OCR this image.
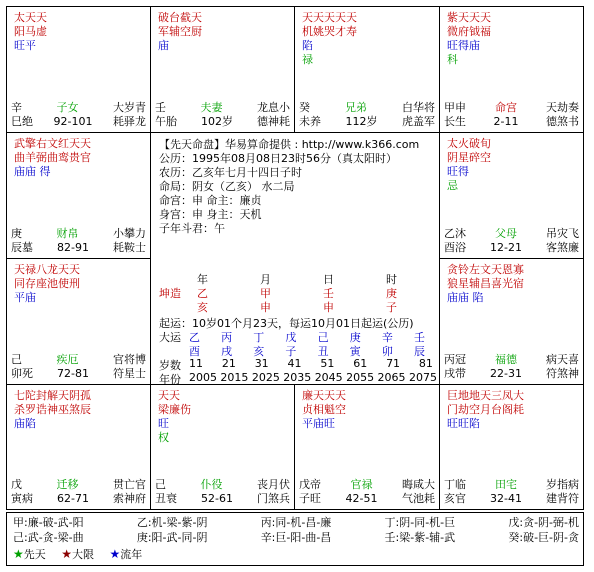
太天天
阳马虚
旺平
辛	子女	大岁青
巳绝 92-101 耗驿龙
破台截天
军辅空厨
庙
壬	夫妻	龙息小
午胎 102岁 德神耗
天天天天天
机姚哭才寿
陷
禄
癸	兄弟	白华将
未养 112岁 虎盖军
紫天天天
微府钺福
旺得庙
科
甲申	命宫	天劫奏
长生	2-11	德煞书
武擎右文红天天
曲羊弼曲鸾贵官
庙庙 得
庚	财帛	小攀力
辰墓 82-91 耗鞍士
太火破旬
阴星碎空
旺得
忌
乙沐	父母	吊灾飞
酉浴 12-21 客煞廉
天禄八龙天天
同存座池使刑
平庙
己	疾厄	官将博
卯死 72-81 符星士
贪铃左文天恩寡
狼星辅昌喜光宿
庙庙 陷
丙冠	福德	病天喜
戌带 22-31 符煞神
七陀封解天阴孤
杀罗诰神巫煞辰
庙陷
戊	迁移	贯亡官
寅病 62-71 索神府
天天
梁廉伤
旺
权
己	仆役	丧月伏
丑衰 52-61 门煞兵
廉天天天
贞相魁空
平庙旺
戊帝	官禄	晦咸大
子旺 42-51 气池耗
巨地地天三凤大
门劫空月台阁耗
旺旺陷
丁临	田宅	岁指病
亥官 32-41 建背符
【先天命盘】华易算命提供 : http://www.k366.com
公历：1995年08月08日23时56分（真太阳时）
农历：乙亥年七月十四日子时
命局：阴女（乙亥） 水二局
命宫：申 命主：廉贞
身宫：申 身主：天机
子年斗君：午
年	月	日	时
坤造 乙	甲	壬	庚
亥	申	申	子
起运：10岁01个月23天，每运10月01日起运(公历)
大运 乙 丙 丁 戊 己 庚 辛 壬
酉 戌 亥 子 丑 寅 卯 辰
岁数 11 21 31 41 51 61 71 81
年份 2005 2015 2025 2035 2045 2055 2065 2075
甲:廉-破-武-阳	乙:机-梁-紫-阴	丙:同-机-昌-廉	丁:阴-同-机-巨	戊:贪-阴-弼-机
己:武-贪-梁-曲	庚:阳-武-同-阴	辛:巨-阳-曲-昌	壬:梁-紫-辅-武	癸:破-巨-阴-贪
★先天 ★大限 ★流年
